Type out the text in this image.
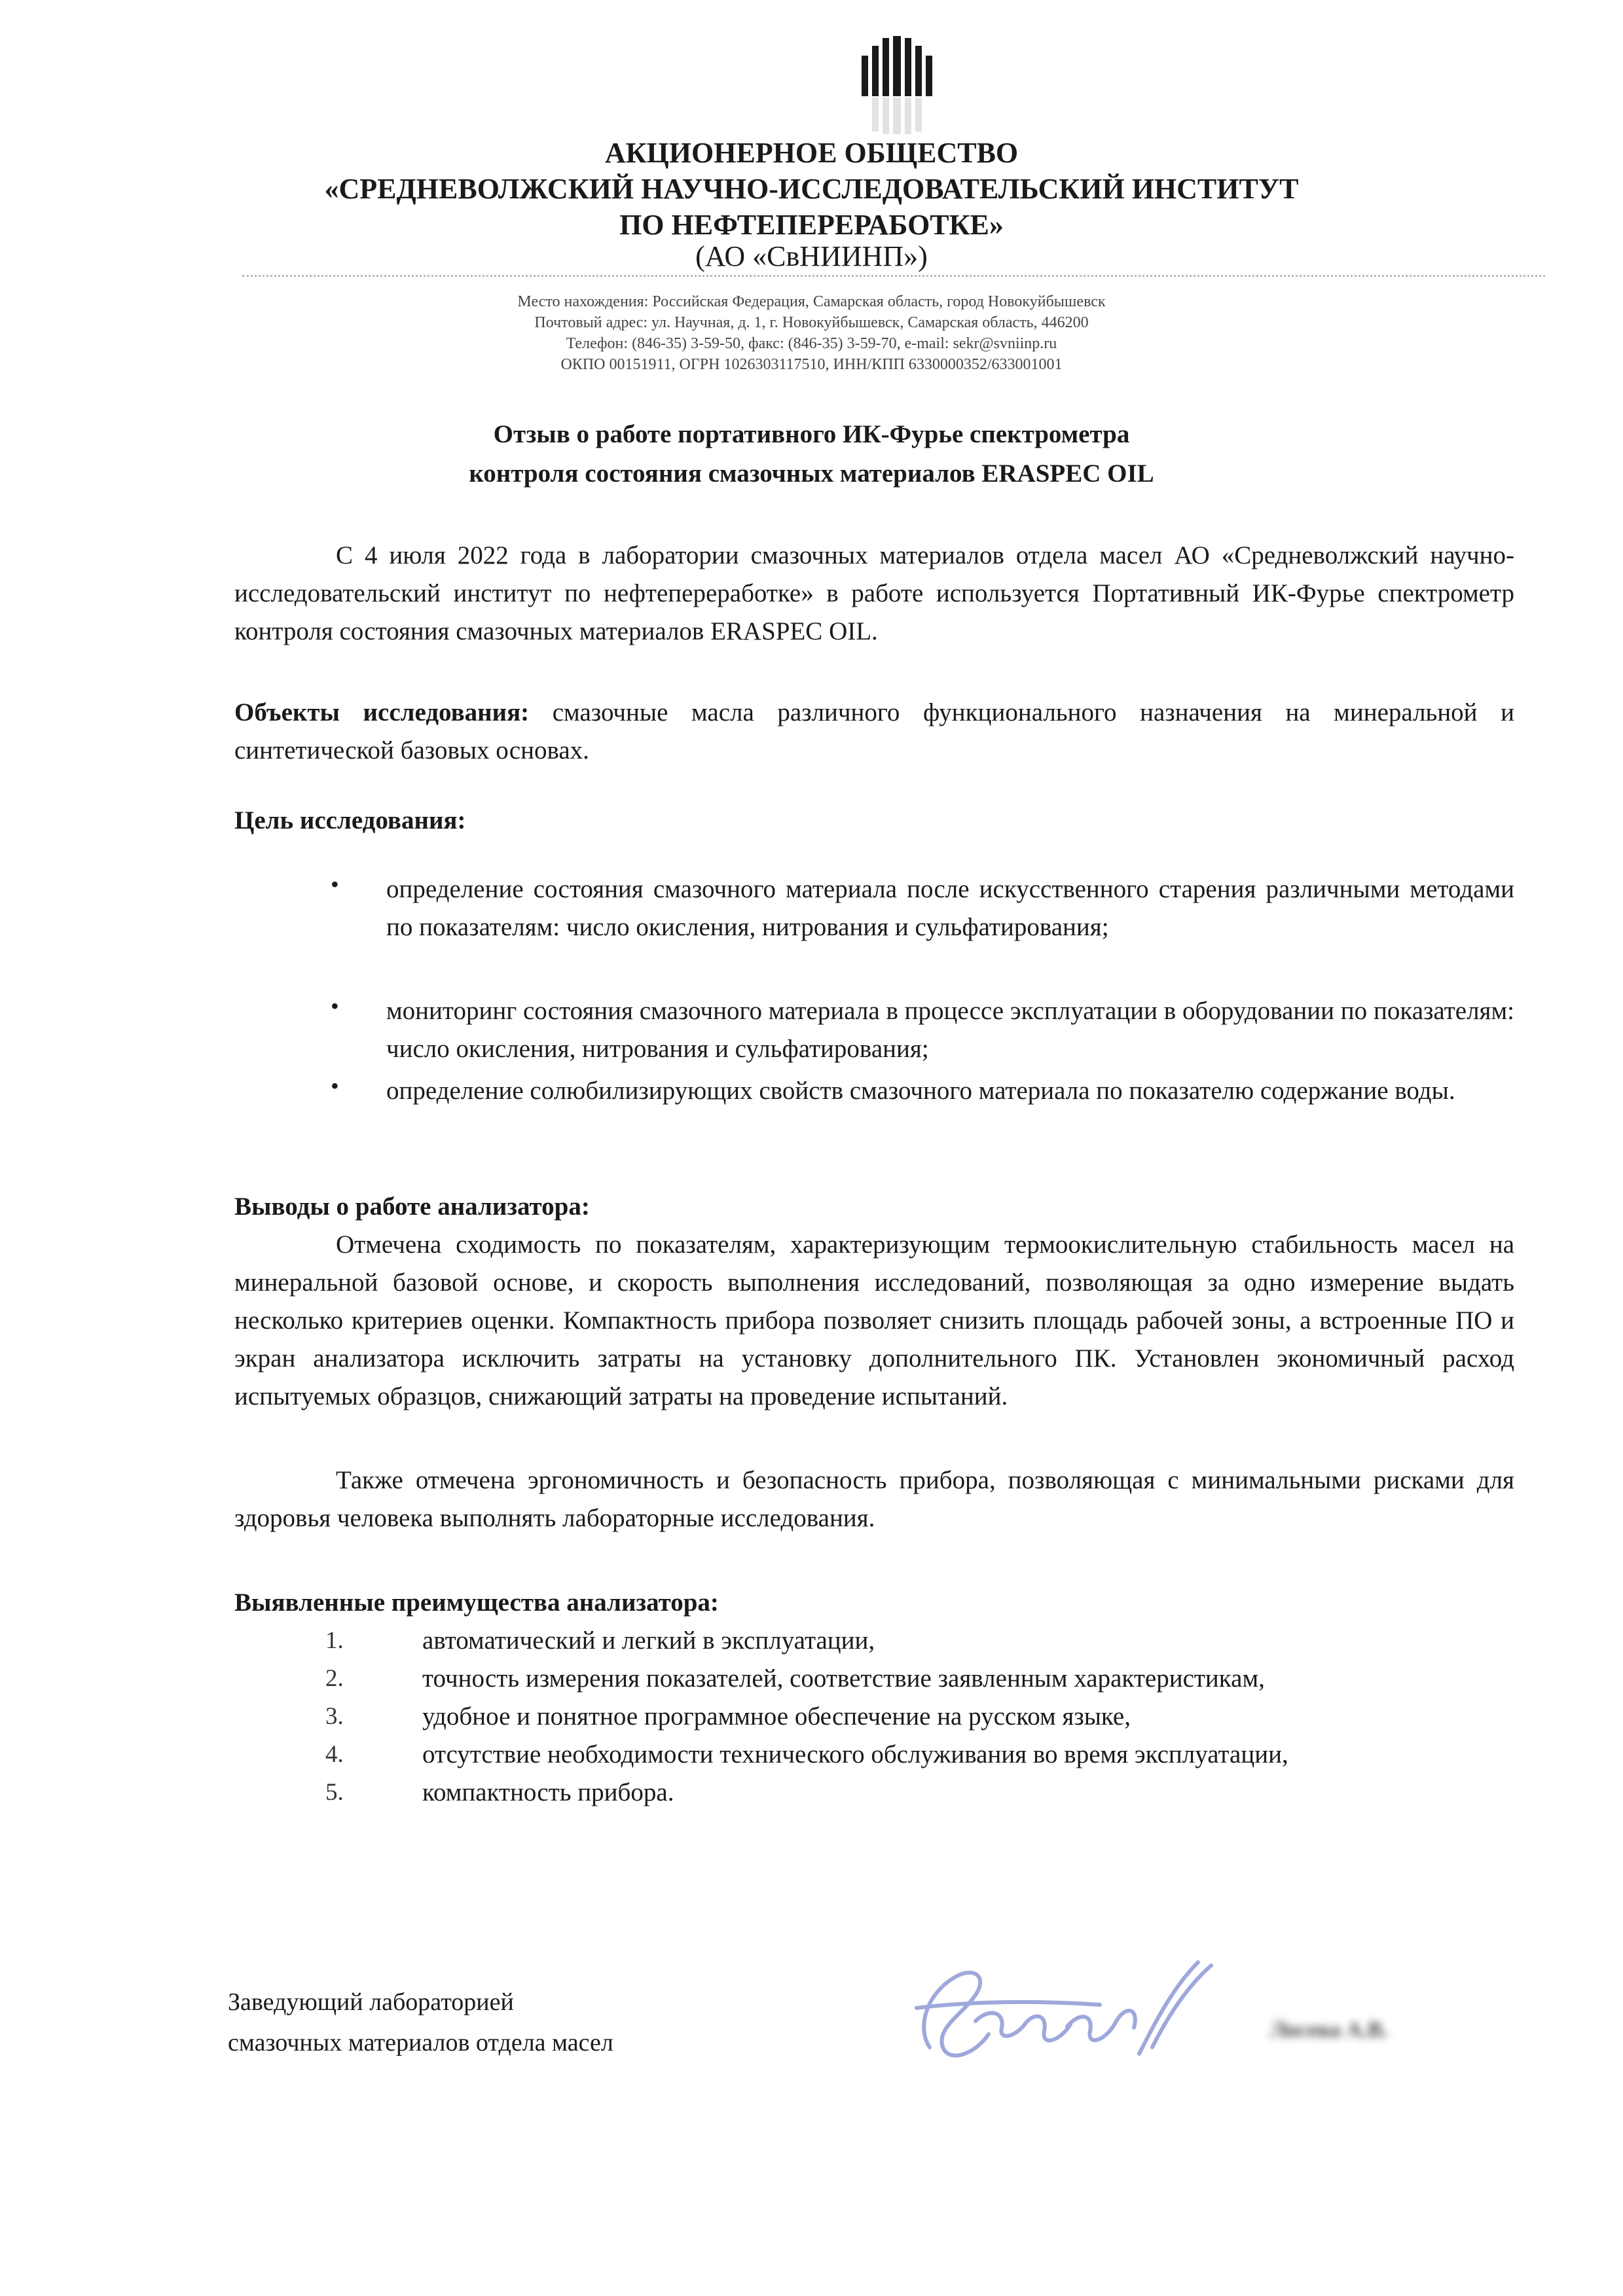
АКЦИОНЕРНОЕ ОБЩЕСТВО
«СРЕДНЕВОЛЖСКИЙ НАУЧНО-ИССЛЕДОВАТЕЛЬСКИЙ ИНСТИТУТ
ПО НЕФТЕПЕРЕРАБОТКЕ»
(АО «СвНИИНП»)
Место нахождения: Российская Федерация, Самарская область, город Новокуйбышевск
Почтовый адрес: ул. Научная, д. 1, г. Новокуйбышевск, Самарская область, 446200
Телефон: (846-35) 3-59-50, факс: (846-35) 3-59-70, e-mail: sekr@svniinp.ru
ОКПО 00151911, ОГРН 1026303117510, ИНН/КПП 6330000352/633001001
Отзыв о работе портативного ИК-Фурье спектрометра
контроля состояния смазочных материалов ERASPEC OIL
С 4 июля 2022 года в лаборатории смазочных материалов отдела масел АО «Средневолжский научно-исследовательский институт по нефтепереработке» в работе используется Портативный ИК-Фурье спектрометр контроля состояния смазочных материалов ERASPEC OIL.
Объекты исследования: смазочные масла различного функционального назначения на минеральной и синтетической базовых основах.
Цель исследования:
• определение состояния смазочного материала после искусственного старения различными методами по показателям: число окисления, нитрования и сульфатирования;
• мониторинг состояния смазочного материала в процессе эксплуатации в оборудовании по показателям: число окисления, нитрования и сульфатирования;
• определение солюбилизирующих свойств смазочного материала по показателю содержание воды.
Выводы о работе анализатора:
Отмечена сходимость по показателям, характеризующим термоокислительную стабильность масел на минеральной базовой основе, и скорость выполнения исследований, позволяющая за одно измерение выдать несколько критериев оценки. Компактность прибора позволяет снизить площадь рабочей зоны, а встроенные ПО и экран анализатора исключить затраты на установку дополнительного ПК. Установлен экономичный расход испытуемых образцов, снижающий затраты на проведение испытаний.
Также отмечена эргономичность и безопасность прибора, позволяющая с минимальными рисками для здоровья человека выполнять лабораторные исследования.
Выявленные преимущества анализатора:
1.	автоматический и легкий в эксплуатации,
2.	точность измерения показателей, соответствие заявленным характеристикам,
3.	удобное и понятное программное обеспечение на русском языке,
4.	отсутствие необходимости технического обслуживания во время эксплуатации,
5.	компактность прибора.
Заведующий лабораторией
смазочных материалов отдела масел	Лосева А.В.
